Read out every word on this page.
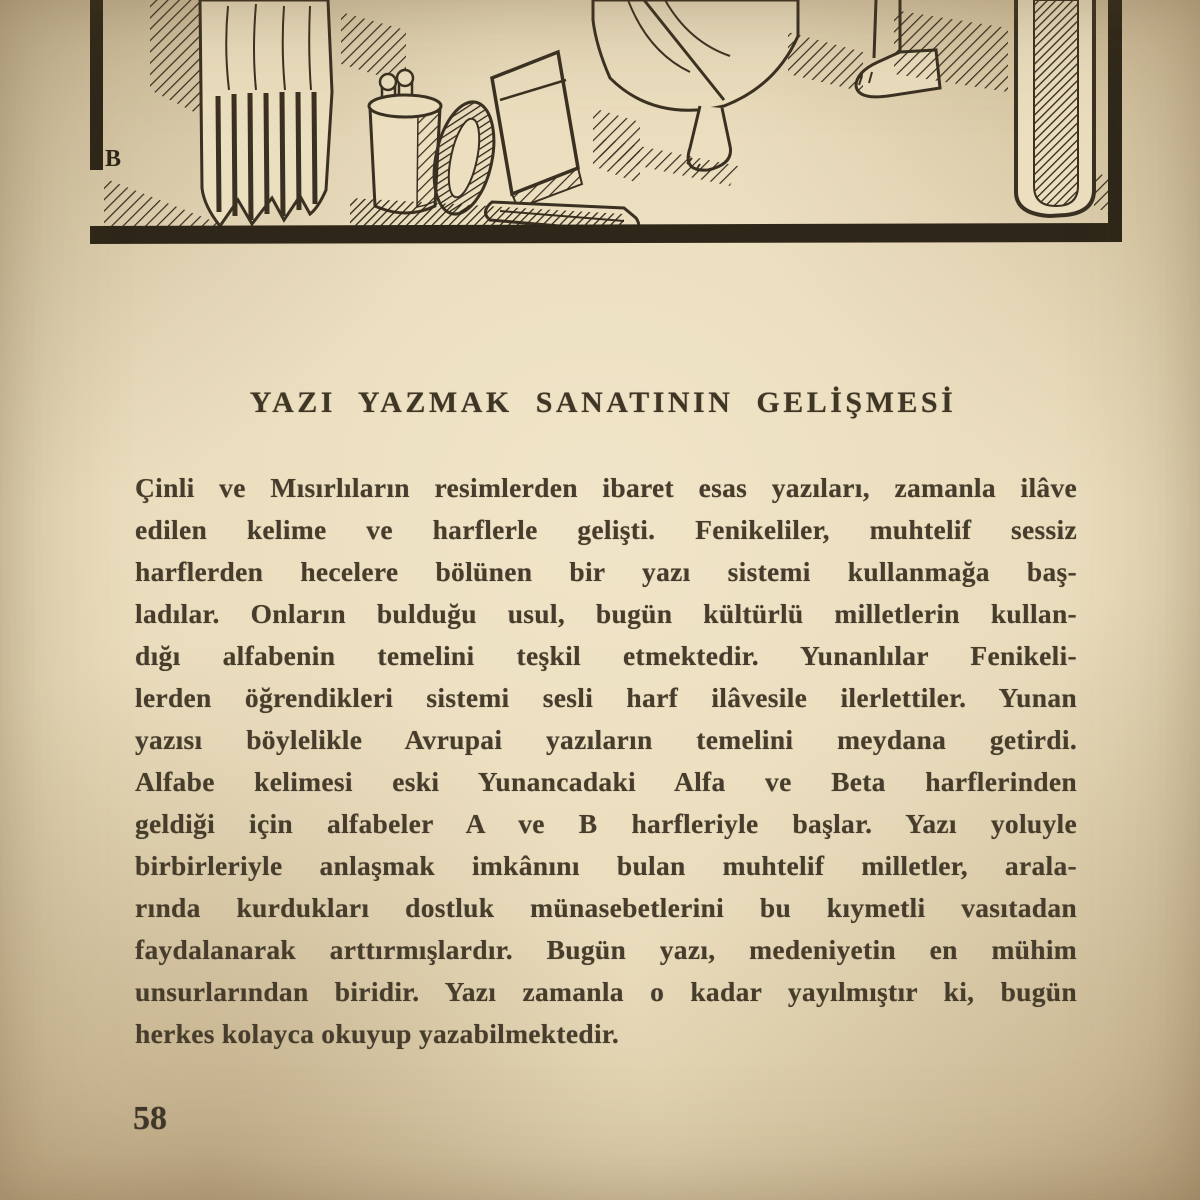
B
YAZI YAZMAK SANATININ GELİŞMESİ
Çinli ve Mısırlıların resimlerden ibaret esas yazıları, zamanla ilâve
edilen kelime ve harflerle gelişti. Fenikeliler, muhtelif sessiz
harflerden hecelere bölünen bir yazı sistemi kullanmağa baş-
ladılar. Onların bulduğu usul, bugün kültürlü milletlerin kullan-
dığı alfabenin temelini teşkil etmektedir. Yunanlılar Fenikeli-
lerden öğrendikleri sistemi sesli harf ilâvesile ilerlettiler. Yunan
yazısı böylelikle Avrupai yazıların temelini meydana getirdi.
Alfabe kelimesi eski Yunancadaki Alfa ve Beta harflerinden
geldiği için alfabeler A ve B harfleriyle başlar. Yazı yoluyle
birbirleriyle anlaşmak imkânını bulan muhtelif milletler, arala-
rında kurdukları dostluk münasebetlerini bu kıymetli vasıtadan
faydalanarak arttırmışlardır. Bugün yazı, medeniyetin en mühim
unsurlarından biridir. Yazı zamanla o kadar yayılmıştır ki, bugün
herkes kolayca okuyup yazabilmektedir.
58
